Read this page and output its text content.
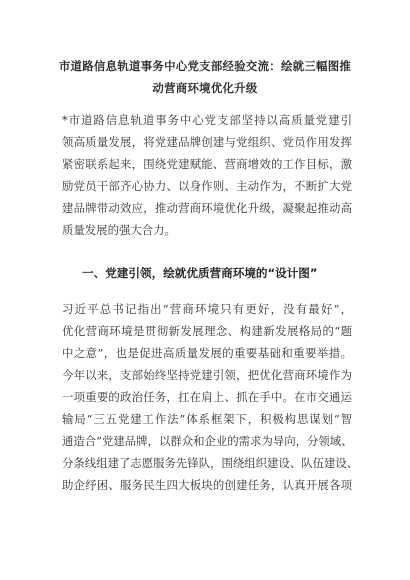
市道路信息轨道事务中心党支部经验交流：绘就三幅图推
动营商环境优化升级
*市道路信息轨道事务中心党支部坚持以高质量党建引
领高质量发展，将党建品牌创建与党组织、党员作用发挥
紧密联系起来，围绕党建赋能、营商增效的工作目标，激
励党员干部齐心协力、以身作则、主动作为，不断扩大党
建品牌带动效应，推动营商环境优化升级，凝聚起推动高
质量发展的强大合力。
一、党建引领，绘就优质营商环境的“设计图”
习近平总书记指出“营商环境只有更好，没有最好”，
优化营商环境是贯彻新发展理念、构建新发展格局的“题
中之意”，也是促进高质量发展的重要基础和重要举措。
今年以来，支部始终坚持党建引领，把优化营商环境作为
一项重要的政治任务，扛在肩上、抓在手中。在市交通运
输局“三五党建工作法”体系框架下，积极构思谋划“智
通造合”党建品牌，以群众和企业的需求为导向，分领域、
分条线组建了志愿服务先锋队，围绕组织建设、队伍建设、
助企纾困、服务民生四大板块的创建任务，认真开展各项
